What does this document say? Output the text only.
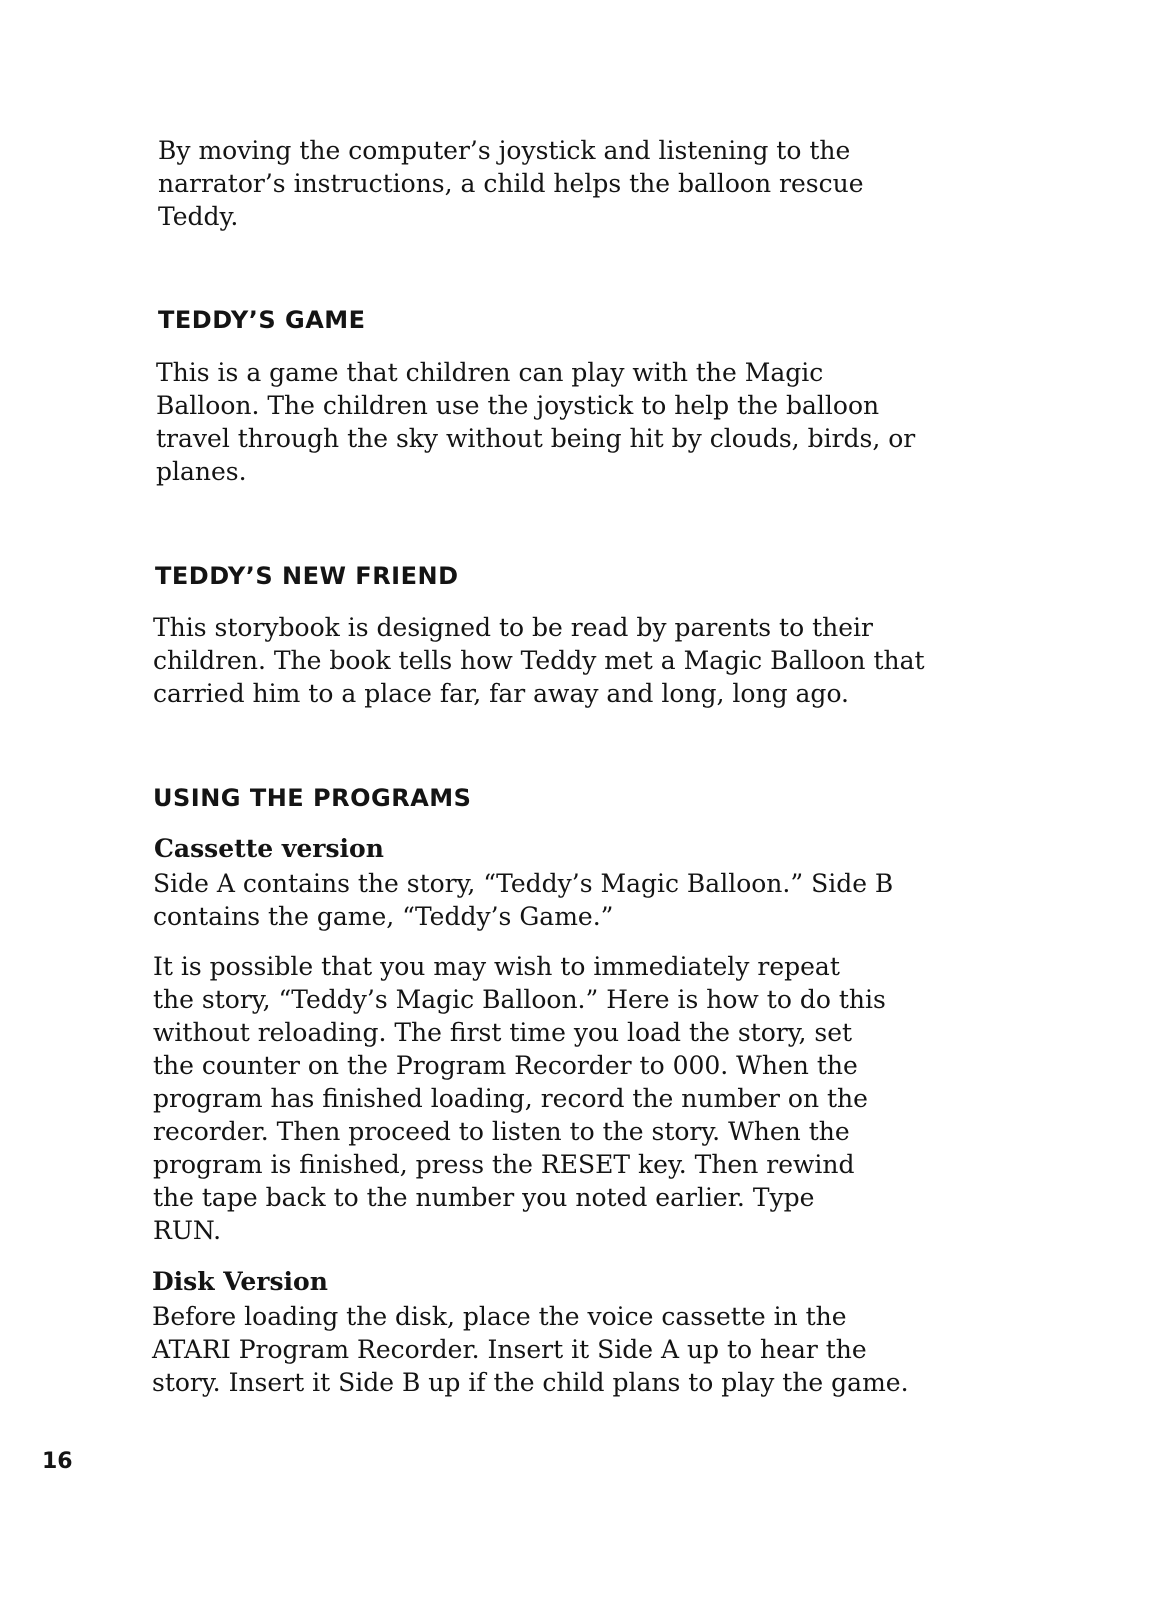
By moving the computer’s joystick and listening to the
narrator’s instructions, a child helps the balloon rescue
Teddy.

TEDDY’S GAME

This is a game that children can play with the Magic
Balloon. The children use the joystick to help the balloon
travel through the sky without being hit by clouds, birds, or
planes.

TEDDY’S NEW FRIEND

This storybook is designed to be read by parents to their
children. The book tells how Teddy met a Magic Balloon that
carried him to a place far, far away and long, long ago.

USING THE PROGRAMS
Cassette version

Side A contains the story, “Teddy’s Magic Balloon.” Side B
contains the game, “Teddy’s Game.”

It is possible that you may wish to immediately repeat
the story, “Teddy’s Magic Balloon.” Here is how to do this
without reloading. The first time you load the story, set
the counter on the Program Recorder to 000. When the
program has finished loading, record the number on the
recorder. Then proceed to listen to the story. When the
program is finished, press the RESET key. Then rewind
the tape back to the number you noted earlier. Type
RUN.

Disk Version

Before loading the disk, place the voice cassette in the
ATARI Program Recorder. Insert it Side A up to hear the
story. Insert it Side B up if the child plans to play the game.

16
